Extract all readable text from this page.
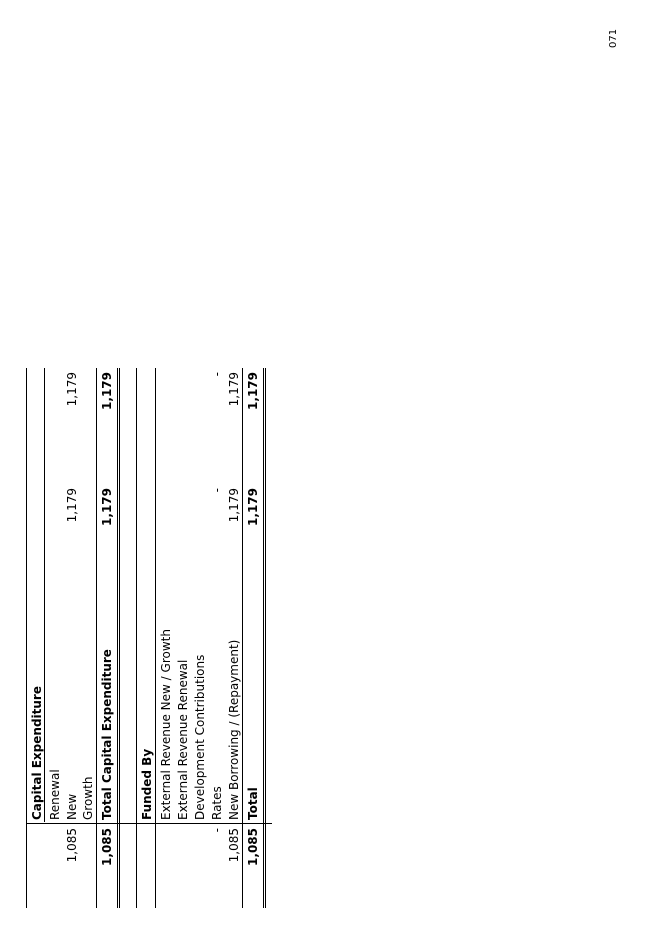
071
Capital Expenditure Renewal
1,085
New
1,179
1,179
Growth
1,085
Total Capital Expenditure
1,179
1,179
Funded By External Revenue New / Growth External Revenue Renewal Development Contributions
-
Rates
-
-
1,085
New Borrowing / (Repayment)
1,179
1,179
1,085
Total
1,179
1,179
